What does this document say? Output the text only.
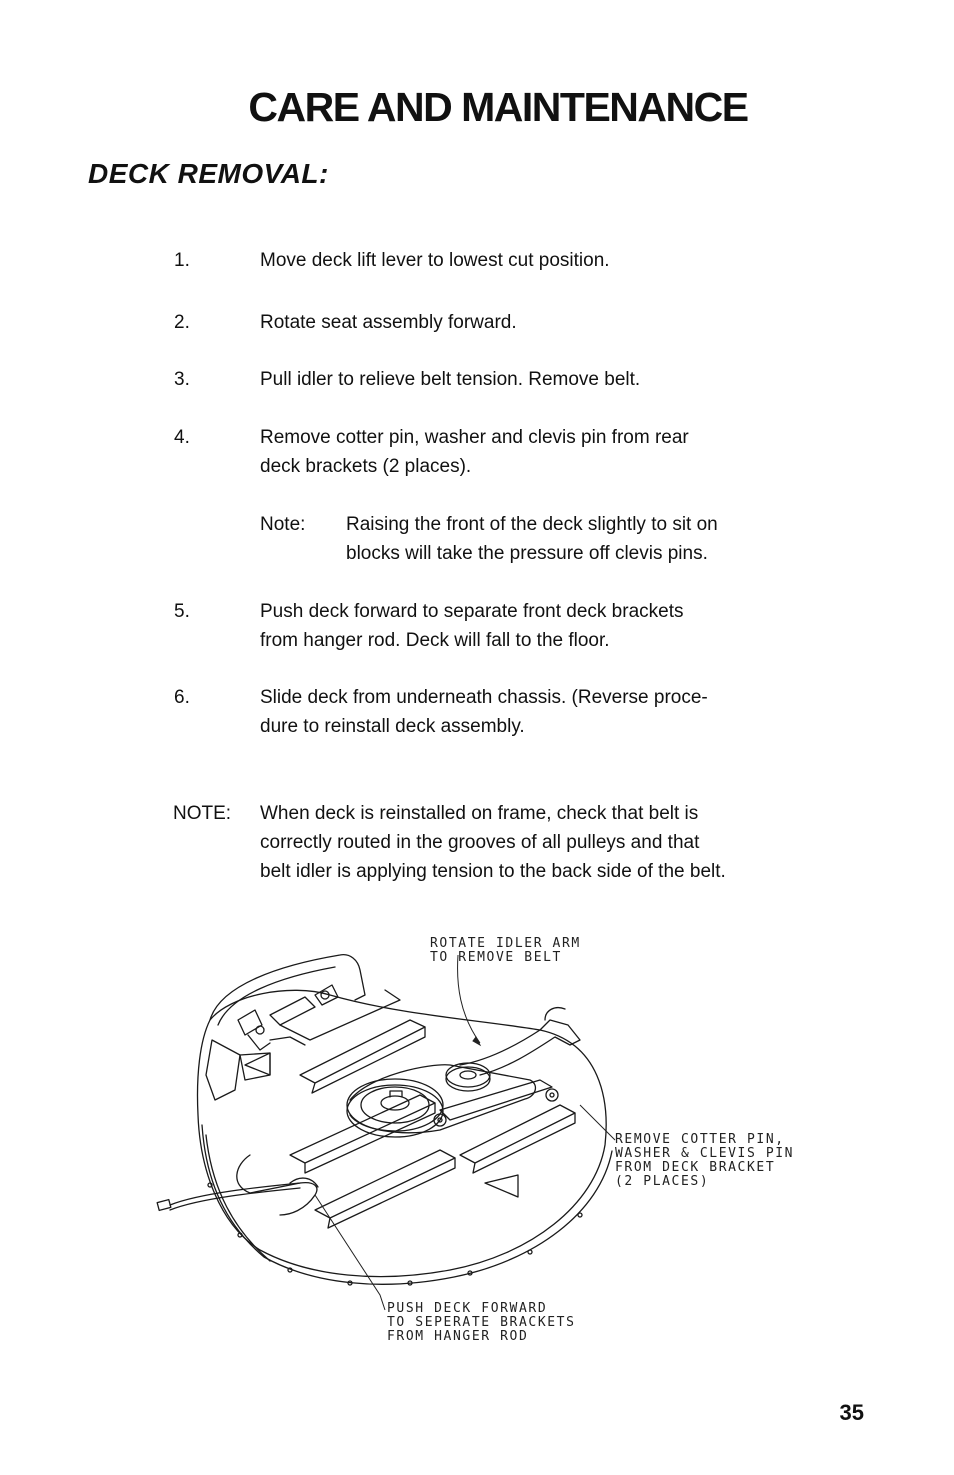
CARE AND MAINTENANCE
DECK REMOVAL:
1.	Move deck lift lever to lowest cut position.
2.	Rotate seat assembly forward.
3.	Pull idler to relieve belt tension. Remove belt.
4.	Remove cotter pin, washer and clevis pin from rear
deck brackets (2 places).
Note: Raising the front of the deck slightly to sit on
blocks will take the pressure off clevis pins.
5.	Push deck forward to separate front deck brackets
from hanger rod. Deck will fall to the floor.
6.	Slide deck from underneath chassis. (Reverse proce-
dure to reinstall deck assembly.
NOTE: When deck is reinstalled on frame, check that belt is
correctly routed in the grooves of all pulleys and that
belt idler is applying tension to the back side of the belt.
ROTATE IDLER ARM
TO REMOVE BELT
REMOVE COTTER PIN,
WASHER & CLEVIS PIN
FROM DECK BRACKET
(2 PLACES)
PUSH DECK FORWARD
TO SEPERATE BRACKETS
FROM HANGER ROD
35
